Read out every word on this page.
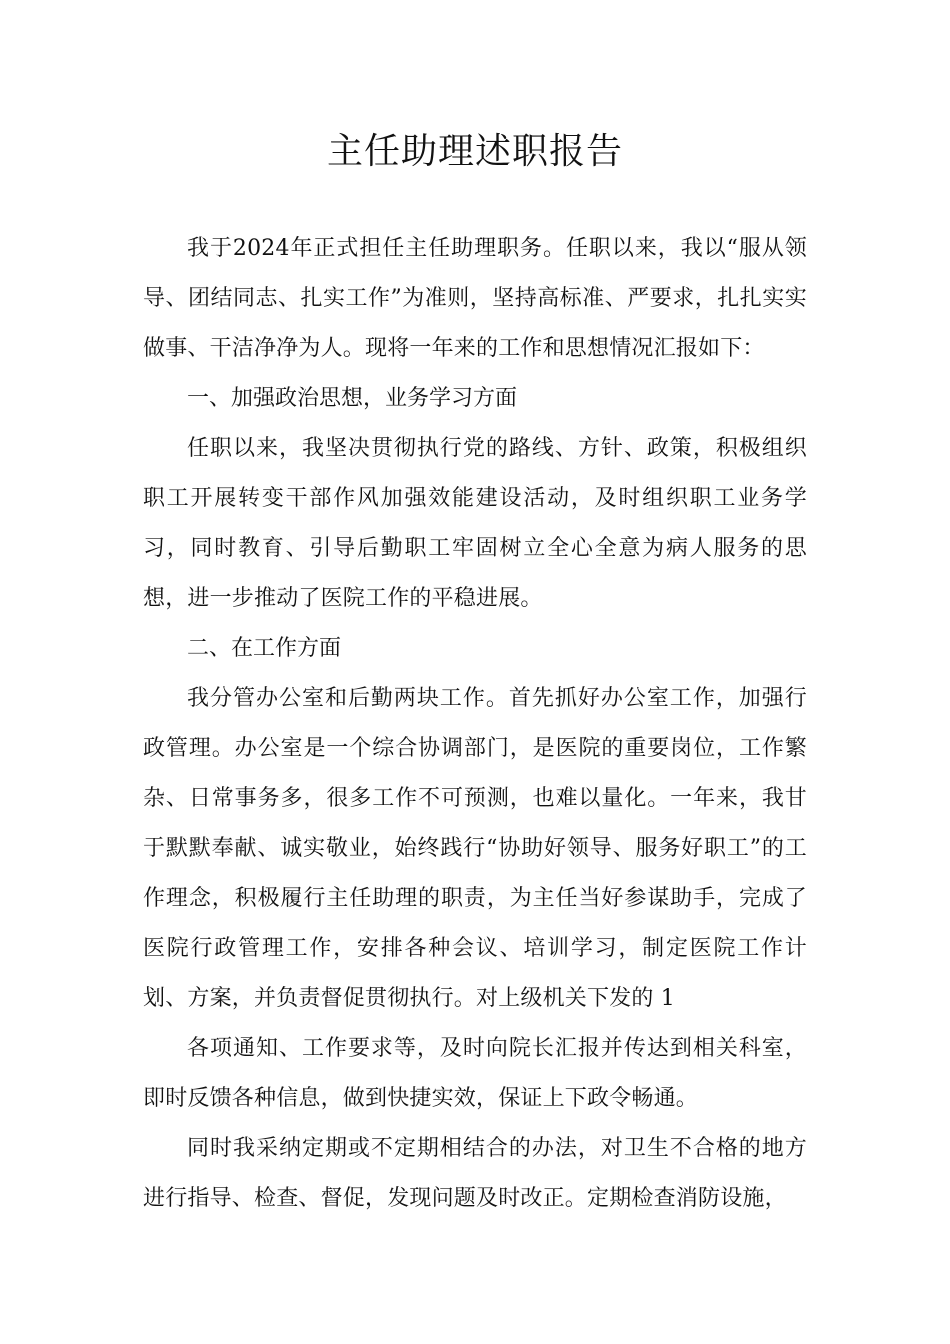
主任助理述职报告

我于2024年正式担任主任助理职务。任职以来，我以“服从领导、团结同志、扎实工作”为准则，坚持高标准、严要求，扎扎实实做事、干洁净净为人。现将一年来的工作和思想情况汇报如下：

一、加强政治思想，业务学习方面

任职以来，我坚决贯彻执行党的路线、方针、政策，积极组织职工开展转变干部作风加强效能建设活动，及时组织职工业务学习，同时教育、引导后勤职工牢固树立全心全意为病人服务的思想，进一步推动了医院工作的平稳进展。

二、在工作方面

我分管办公室和后勤两块工作。首先抓好办公室工作，加强行政管理。办公室是一个综合协调部门，是医院的重要岗位，工作繁杂、日常事务多，很多工作不可预测，也难以量化。一年来，我甘于默默奉献、诚实敬业，始终践行“协助好领导、服务好职工”的工作理念，积极履行主任助理的职责，为主任当好参谋助手，完成了医院行政管理工作，安排各种会议、培训学习，制定医院工作计划、方案，并负责督促贯彻执行。对上级机关下发的 1

各项通知、工作要求等，及时向院长汇报并传达到相关科室，即时反馈各种信息，做到快捷实效，保证上下政令畅通。

同时我采纳定期或不定期相结合的办法，对卫生不合格的地方进行指导、检查、督促，发现问题及时改正。定期检查消防设施，
